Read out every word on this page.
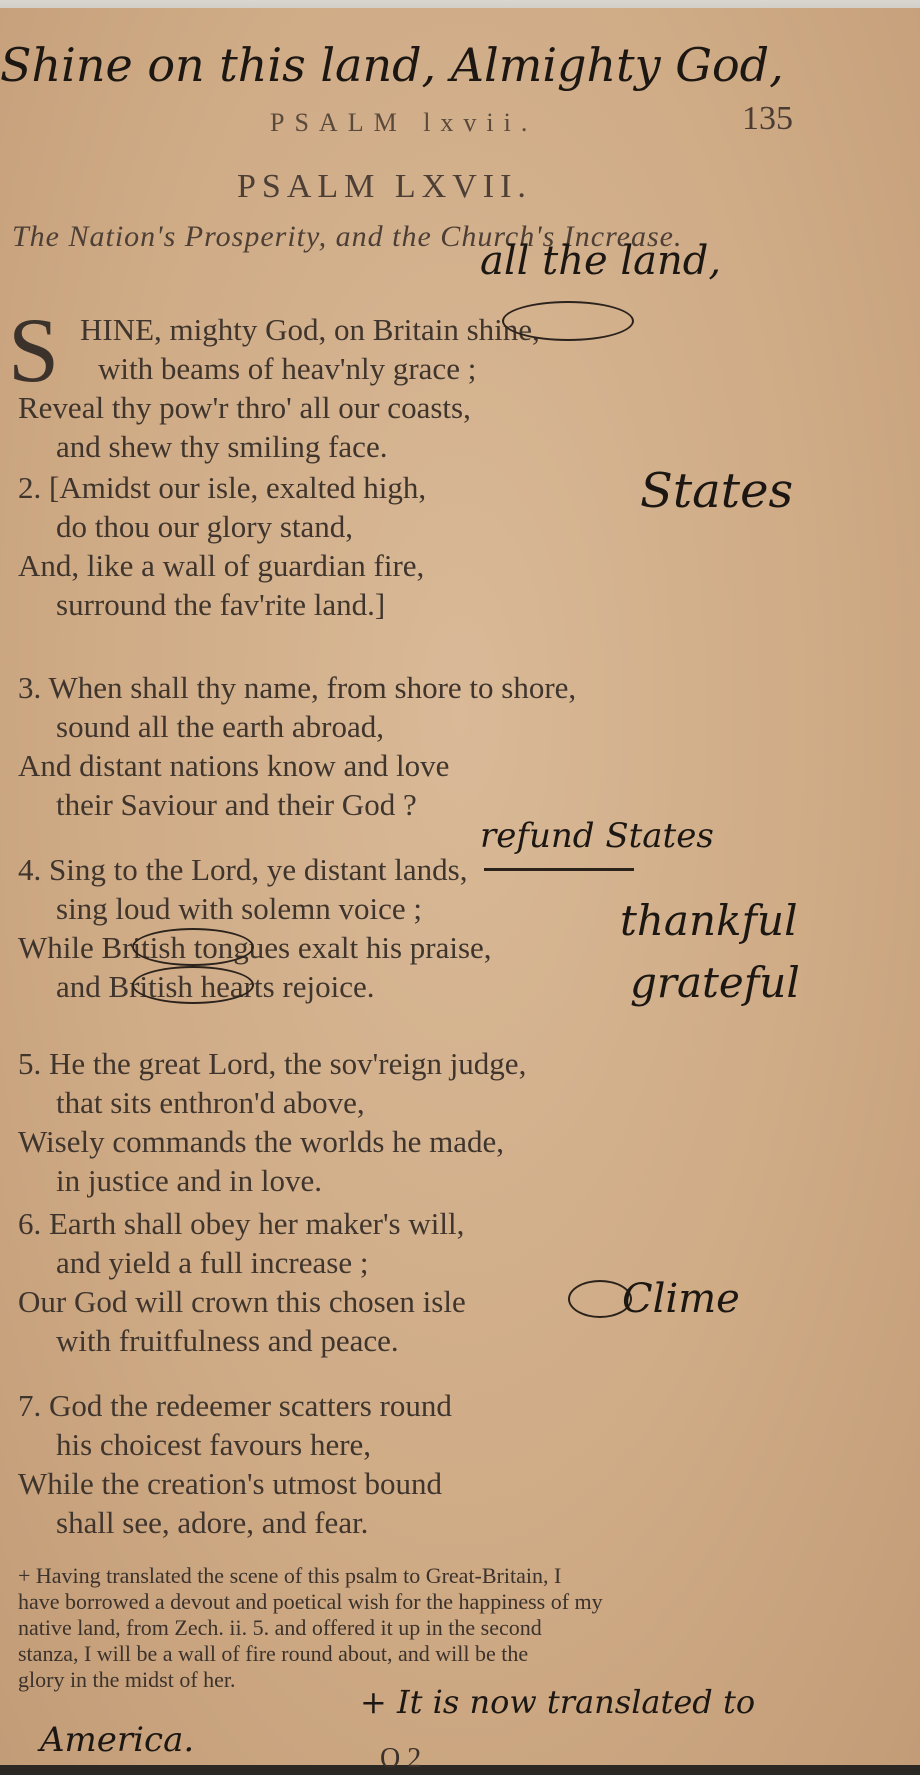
Shine on this land, Almighty God,
PSALM lxvii.	135
PSALM LXVII.
The Nation's Prosperity, and the Church's Increase.
all the land,
S HINE, mighty God, on Britain shine,
with beams of heav'nly grace ;
Reveal thy pow'r thro' all our coasts,
and shew thy smiling face.
2. [Amidst our isle, exalted high,
do thou our glory stand,
And, like a wall of guardian fire,
surround the fav'rite land.]
States
3. When shall thy name, from shore to shore,
sound all the earth abroad,
And distant nations know and love
their Saviour and their God ?
refund States
4. Sing to the Lord, ye distant lands,
sing loud with solemn voice ;
While British tongues exalt his praise,
and British hearts rejoice.
thankful
grateful
5. He the great Lord, the sov'reign judge,
that sits enthron'd above,
Wisely commands the worlds he made,
in justice and in love.
6. Earth shall obey her maker's will,
and yield a full increase ;
Our God will crown this chosen isle
with fruitfulness and peace.
Clime
7. God the redeemer scatters round
his choicest favours here,
While the creation's utmost bound
shall see, adore, and fear.
+ Having translated the scene of this psalm to Great-Britain, I
have borrowed a devout and poetical wish for the happiness of my
native land, from Zech. ii. 5. and offered it up in the second
stanza, I will be a wall of fire round about, and will be the
glory in the midst of her.
+ It is now translated to
America.	O 2
